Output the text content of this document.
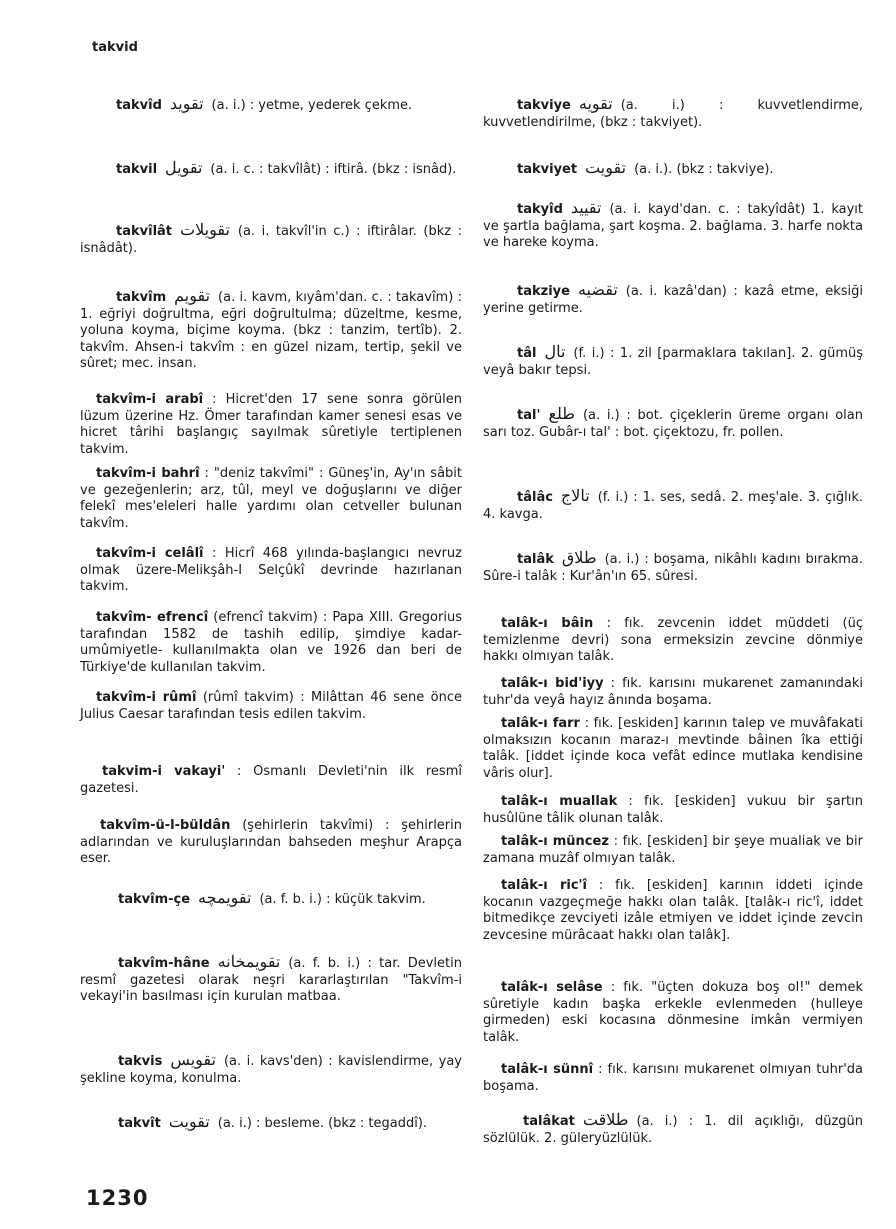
takvid
takvîd تقويد (a. i.) : yetme, yederek çekme.
takvil تقويل (a. i. c. : takvîlât) : iftirâ. (bkz : isnâd).
takvîlât تقويلات (a. i. takvîl'in c.) : iftirâlar. (bkz : isnâdât).
takvîm تقويم (a. i. kavm, kıyâm'dan. c. : takavîm) : 1. eğriyi doğrultma, eğri doğrultulma; düzeltme, kesme, yoluna koyma, biçime koyma. (bkz : tanzim, tertîb). 2. takvîm. Ahsen-i takvîm : en güzel nizam, tertip, şekil ve sûret; mec. insan.
takvîm-i arabî : Hicret'den 17 sene sonra görülen lüzum üzerine Hz. Ömer tarafından kamer senesi esas ve hicret târihi başlangıç sayılmak sûretiyle tertiplenen takvim.
takvîm-i bahrî : "deniz takvîmi" : Güneş'in, Ay'ın sâbit ve gezeğenlerin; arz, tûl, meyl ve doğuşlarını ve diğer felekî mes'eleleri halle yardımı olan cetveller bulunan takvîm.
takvîm-i celâlî : Hicrî 468 yılında-başlangıcı nevruz olmak üzere-Melikşâh-I Selçûkî devrinde hazırlanan takvim.
takvîm- efrencî (efrencî takvim) : Papa XIII. Gregorius tarafından 1582 de tashih edilip, şimdiye kadar- umûmiyetle- kullanılmakta olan ve 1926 dan beri de Türkiye'de kullanılan takvim.
takvîm-i rûmî (rûmî takvim) : Milâttan 46 sene önce Julius Caesar tarafından tesis edilen takvim.
takvim-i vakayi' : Osmanlı Devleti'nin ilk resmî gazetesi.
takvîm-ü-l-büldân (şehirlerin takvîmi) : şehirlerin adlarından ve kuruluşlarından bahseden meşhur Arapça eser.
takvîm-çe تقويمچه (a. f. b. i.) : küçük takvim.
takvîm-hâne تقويمخانه (a. f. b. i.) : tar. Devletin resmî gazetesi olarak neşri kararlaştırılan "Takvîm-i vekayi'in basılması için kurulan matbaa.
takvis تقويس (a. i. kavs'den) : kavislendirme, yay şekline koyma, konulma.
takvît تقويت (a. i.) : besleme. (bkz : tegaddî).
takviye تقويه (a. i.) : kuvvetlendirme, kuvvetlendirilme, (bkz : takviyet).
takviyet تقويت (a. i.). (bkz : takviye).
takyîd تقييد (a. i. kayd'dan. c. : takyîdât) 1. kayıt ve şartla bağlama, şart koşma. 2. bağlama. 3. harfe nokta ve hareke koyma.
takziye تقضيه (a. i. kazâ'dan) : kazâ etme, eksiği yerine getirme.
tâl تال (f. i.) : 1. zil [parmaklara takılan]. 2. gümüş veyâ bakır tepsi.
tal' طلع (a. i.) : bot. çiçeklerin üreme organı olan sarı toz. Gubâr-ı tal' : bot. çiçektozu, fr. pollen.
tâlâc تالاج (f. i.) : 1. ses, sedâ. 2. meş'ale. 3. çığlık. 4. kavga.
talâk طلاق (a. i.) : boşama, nikâhlı kadını bırakma. Sûre-i talâk : Kur'ân'ın 65. sûresi.
talâk-ı bâin : fık. zevcenin iddet müddeti (üç temizlenme devri) sona ermeksizin zevcine dönmiye hakkı olmıyan talâk.
talâk-ı bid'iyy : fık. karısını mukarenet zamanındaki tuhr'da veyâ hayız ânında boşama.
talâk-ı farr : fık. [eskiden] karının talep ve muvâfakati olmaksızın kocanın maraz-ı mevtinde bâinen îka ettiği talâk. [iddet içinde koca vefât edince mutlaka kendisine vâris olur].
talâk-ı muallak : fık. [eskiden] vukuu bir şartın husûlüne tâlik olunan talâk.
talâk-ı müncez : fık. [eskiden] bir şeye mualiak ve bir zamana muzâf olmıyan talâk.
talâk-ı ric'î : fık. [eskiden] karının iddeti içinde kocanın vazgeçmeğe hakkı olan talâk. [talâk-ı ric'î, iddet bitmedikçe zevciyeti izâle etmiyen ve iddet içinde zevcin zevcesine mürâcaat hakkı olan talâk].
talâk-ı selâse : fık. "üçten dokuza boş ol!" demek sûretiyle kadın başka erkekle evlenmeden (hulleye girmeden) eski kocasına dönmesine imkân vermiyen talâk.
talâk-ı sünnî : fık. karısını mukarenet olmıyan tuhr'da boşama.
talâkat طلاقت (a. i.) : 1. dil açıklığı, düzgün sözlülük. 2. güleryüzlülük.
1230
